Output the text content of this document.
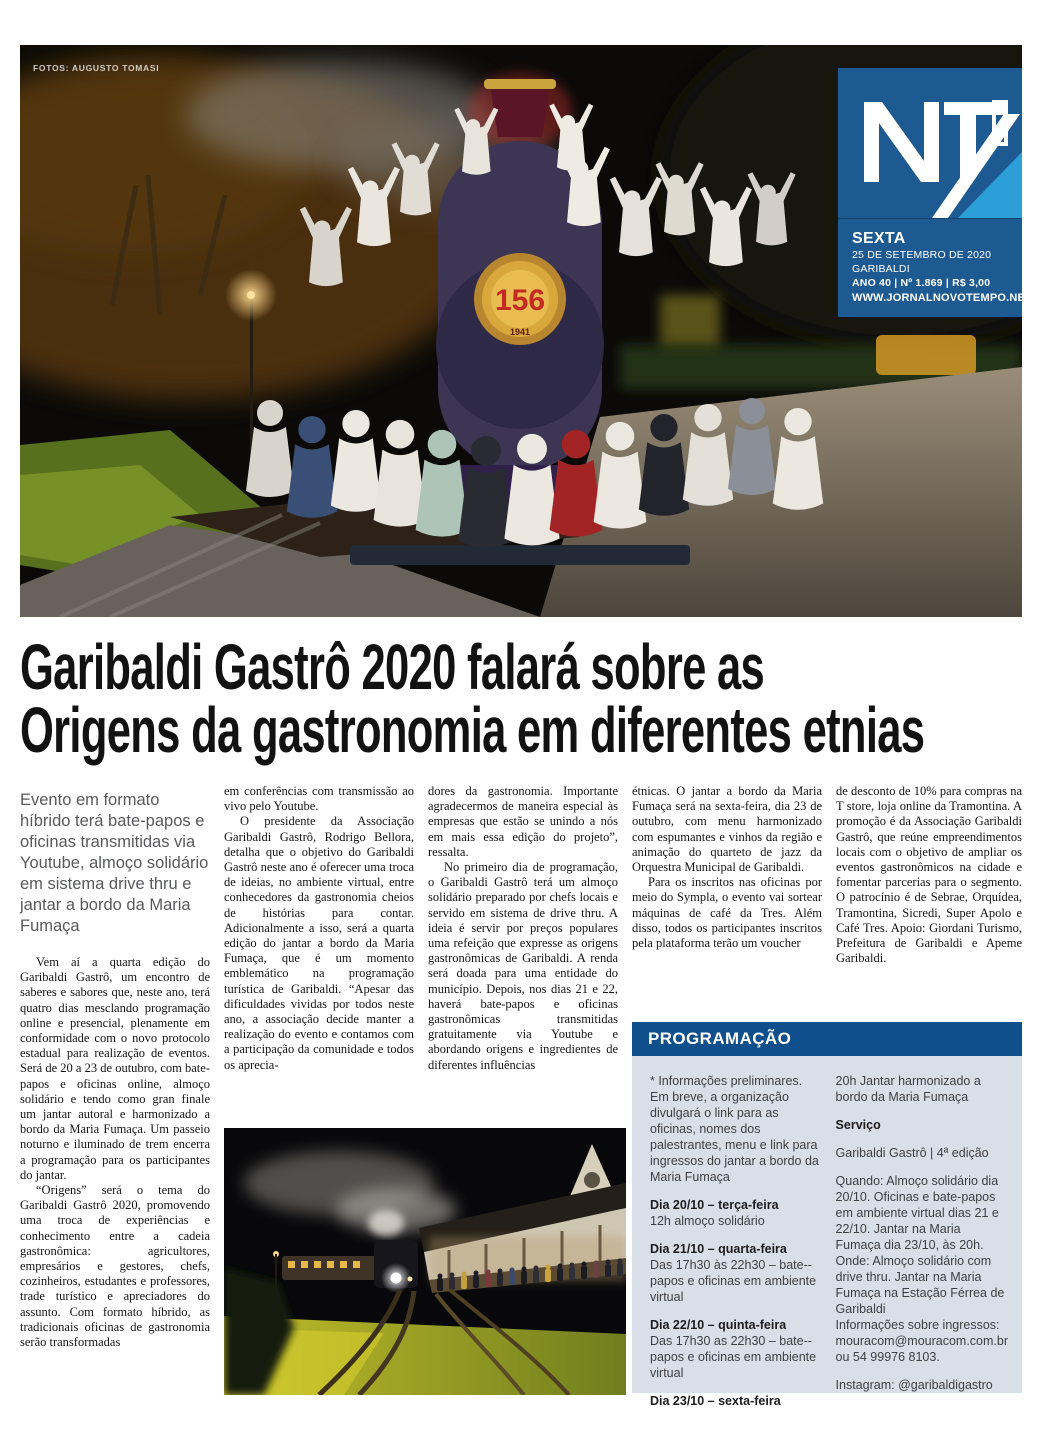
156
1941
FOTOS: AUGUSTO TOMASI
SEXTA
25 DE SETEMBRO DE 2020
GARIBALDI
ANO 40 | Nº 1.869 | R$ 3,00
WWW.JORNALNOVOTEMPO.NET
Garibaldi Gastrô 2020 falará sobre as
Origens da gastronomia em diferentes etnias
Evento em formato híbrido terá bate-papos e oficinas transmitidas via Youtube, almoço solidário em sistema drive thru e jantar a bordo da Maria Fumaça

Vem aí a quarta edição do Garibaldi Gastrô, um encontro de saberes e sabores que, neste ano, terá quatro dias mesclando programação online e presencial, plenamente em conformidade com o novo protocolo estadual para realização de eventos. Será de 20 a 23 de outubro, com bate-papos e oficinas online, almoço solidário e tendo como gran finale um jantar autoral e harmonizado a bordo da Maria Fumaça. Um passeio noturno e iluminado de trem encerra a programação para os participantes do jantar.

“Origens” será o tema do Garibaldi Gastrô 2020, promovendo uma troca de experiências e conhecimento entre a cadeia gastronômica: agricultores, empresários e gestores, chefs, cozinheiros, estudantes e professores, trade turístico e apreciadores do assunto. Com formato híbrido, as tradicionais oficinas de gastronomia serão transformadas

em conferências com transmissão ao vivo pelo Youtube.

O presidente da Associação Garibaldi Gastrô, Rodrigo Bellora, detalha que o objetivo do Garibaldi Gastrô neste ano é oferecer uma troca de ideias, no ambiente virtual, entre conhecedores da gastronomia cheios de histórias para contar. Adicionalmente a isso, será a quarta edição do jantar a bordo da Maria Fumaça, que é um momento emblemático na programação turística de Garibaldi. “Apesar das dificuldades vividas por todos neste ano, a associação decide manter a realização do evento e contamos com a participação da comunidade e todos os aprecia-

dores da gastronomia. Importante agradecermos de maneira especial às empresas que estão se unindo a nós em mais essa edição do projeto”, ressalta.

No primeiro dia de programação, o Garibaldi Gastrô terá um almoço solidário preparado por chefs locais e servido em sistema de drive thru. A ideia é servir por preços populares uma refeição que expresse as origens gastronômicas de Garibaldi. A renda será doada para uma entidade do município. Depois, nos dias 21 e 22, haverá bate-papos e oficinas gastronômicas transmitidas gratuitamente via Youtube e abordando origens e ingredientes de diferentes influências

étnicas. O jantar a bordo da Maria Fumaça será na sexta-feira, dia 23 de outubro, com menu harmonizado com espumantes e vinhos da região e animação do quarteto de jazz da Orquestra Municipal de Garibaldi.

Para os inscritos nas oficinas por meio do Sympla, o evento vai sortear máquinas de café da Tres. Além disso, todos os participantes inscritos pela plataforma terão um voucher

de desconto de 10% para compras na T store, loja online da Tramontina. A promoção é da Associação Garibaldi Gastrô, que reúne empreendimentos locais com o objetivo de ampliar os eventos gastronômicos na cidade e fomentar parcerias para o segmento. O patrocínio é de Sebrae, Orquídea, Tramontina, Sicredi, Super Apolo e Café Tres. Apoio: Giordani Turismo, Prefeitura de Garibaldi e Apeme Garibaldi.

PROGRAMAÇÃO
* Informações preliminares. Em breve, a organização divulgará o link para as oficinas, nomes dos palestrantes, menu e link para ingressos do jantar a bordo da Maria Fumaça
Dia 20/10 – terça-feira
12h almoço solidário
Dia 21/10 – quarta-feira
Das 17h30 às 22h30 – bate--papos e oficinas em ambiente virtual
Dia 22/10 – quinta-feira
Das 17h30 as 22h30 – bate--papos e oficinas em ambiente virtual
Dia 23/10 – sexta-feira
20h Jantar harmonizado a bordo da Maria Fumaça
Serviço
Garibaldi Gastrô | 4ª edição
Quando: Almoço solidário dia 20/10. Oficinas e bate-papos em ambiente virtual dias 21 e 22/10. Jantar na Maria Fumaça dia 23/10, às 20h.
Onde: Almoço solidário com drive thru. Jantar na Maria Fumaça na Estação Férrea de Garibaldi
Informações sobre ingressos: mouracom@mouracom.com.br ou 54 99976 8103.
Instagram: @garibaldigastro
